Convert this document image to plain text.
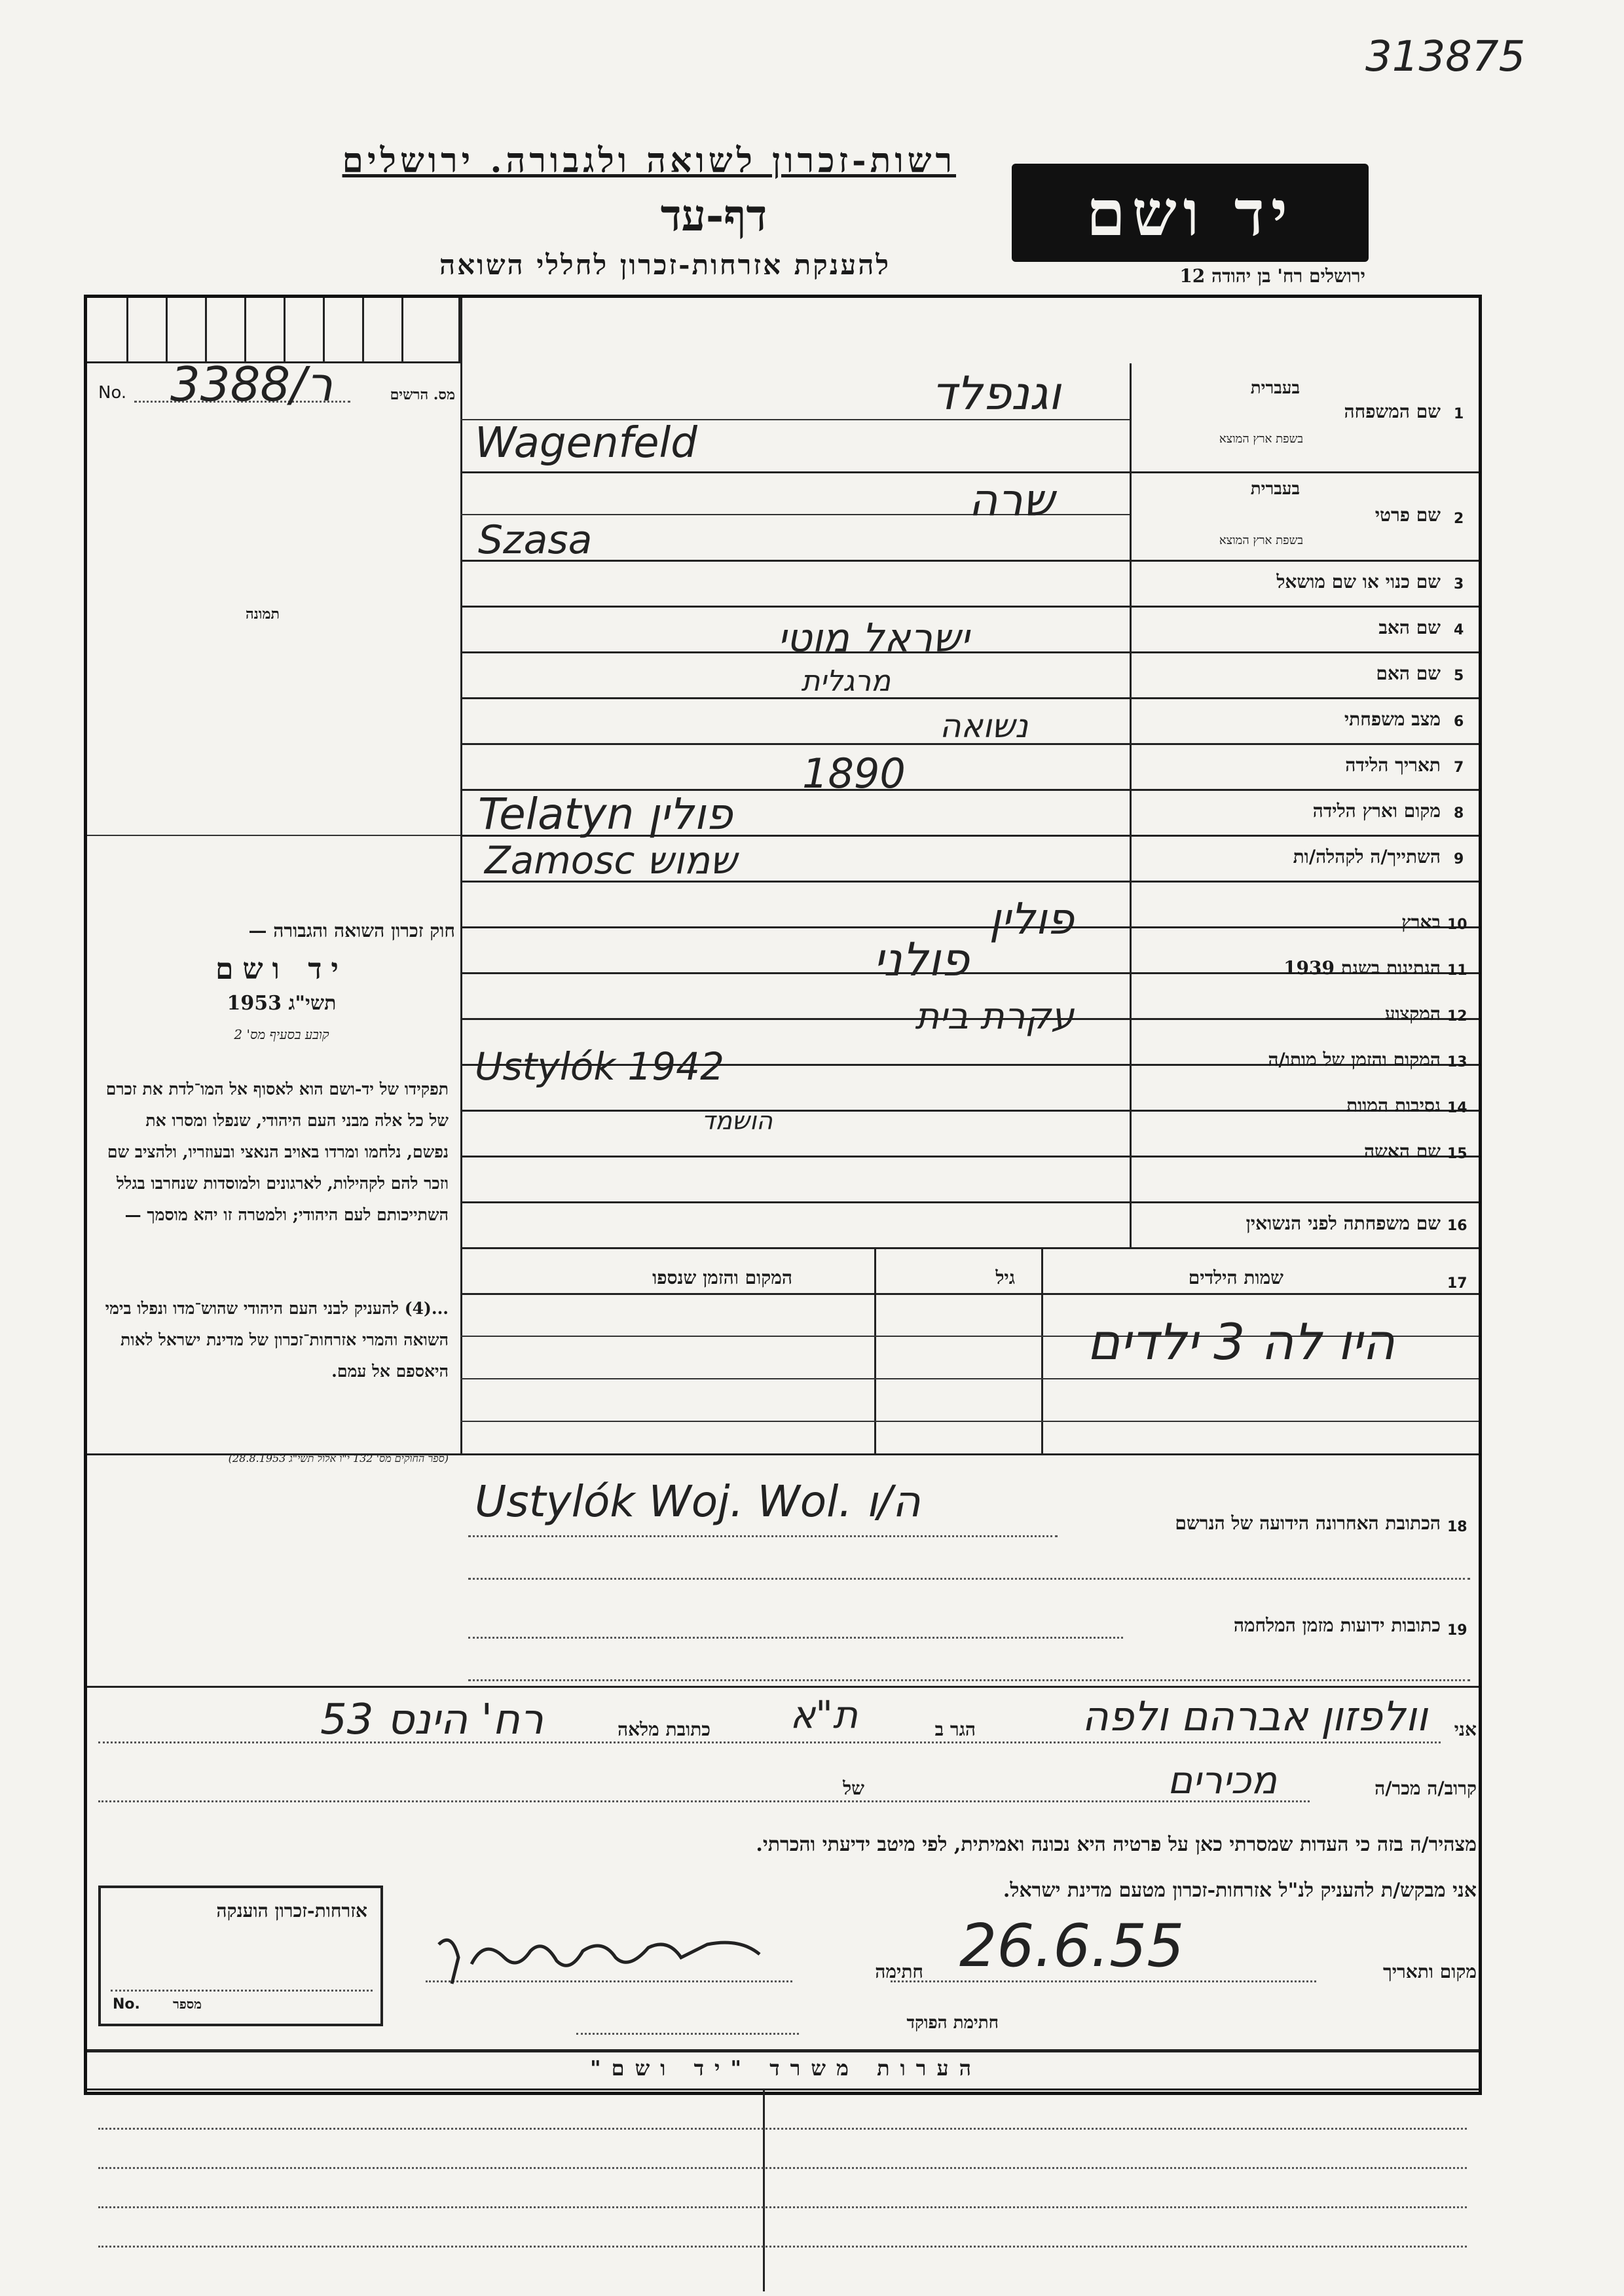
313875

רשות-זכרון לשואה ולגבורה. ירושלים
דף-עד
להענקת אזרחות-זכרון לחללי השואה
יד ושם
ירושלים רח' בן יהודה 12
No. 3388/ר	מס. הרשים
תמונה
חוק זכרון השואה והגבורה —
יד ושם
תשי"ג 1953
קובע בסעיף מס' 2
תפקידו של יד-ושם הוא לאסוף אל המו־לדת את זכרם של כל אלה מבני העם היהודי, שנפלו ומסרו את נפשם, נלחמו ומרדו באויב הנאצי ובעוזריו, ולהציב שם וזכר להם לקהילות, לארגונים ולמוסדות שנחרבו בגלל השתייכותם לעם היהודי; ולמטרה זו יהא מוסמך —
...(4) להעניק לבני העם היהודי שהוש־מדו ונפלו בימי השואה והמרי אזרחות־זכרון של מדינת ישראל לאות היאספם אל עמם.
(ספר החוקים מס' 132 י"ו אלול תשי"ג 28.8.1953)
1
שם המשפחה
בעברית
בשפת ארץ המוצא
וגנפלד
Wagenfeld
2
שם פרטי
בעברית
בשפת ארץ המוצא
שרה
Szasa
3
שם כנוי או שם מושאל
4
שם האב
ישראל מוטי
5
שם האם
מרגלית
6
מצב משפחתי
נשואה
7
תאריך הלידה
1890
8
מקום וארץ הלידה
Telatyn פולין
9
השתייך/ה לקהלה/ות
Zamosc שמוש
10
בארץ
פולין
11
הנתינות בשנת 1939
פולני
12
המקצוע
עקרת בית
13
המקום והזמן של מותו/ה
Ustylók 1942
14
נסיבות המוות
הושמד
15
שם האשה
16
שם משפחתה לפני הנשואין
17
שמות הילדים
גיל
המקום והזמן שנספו
היו לה 3 ילדים
18
הכתובת האחרונה הידועה של הנרשם
Ustylók Woj. Wol. ה/ו
19
כתובות ידועות מזמן המלחמה
אני
וולפזון אברהם ולפה
הגר ב
ת"א
כתובת מלאה
רח' הינס 53
קרוב/ה מכר/ה
מכירים
של
מצהיר/ה בזה כי העדות שמסרתי כאן על פרטיה היא נכונה ואמיתית, לפי מיטב ידיעתי והכרתי.
אני מבקש/ת להעניק לנ"ל אזרחות-זכרון מטעם מדינת ישראל.
מקום ותאריך
26.6.55
חתימה
חתימת הפוקד
אזרחות-זכרון הוענקה
No.	מספר
הערות משרד "יד ושם"
